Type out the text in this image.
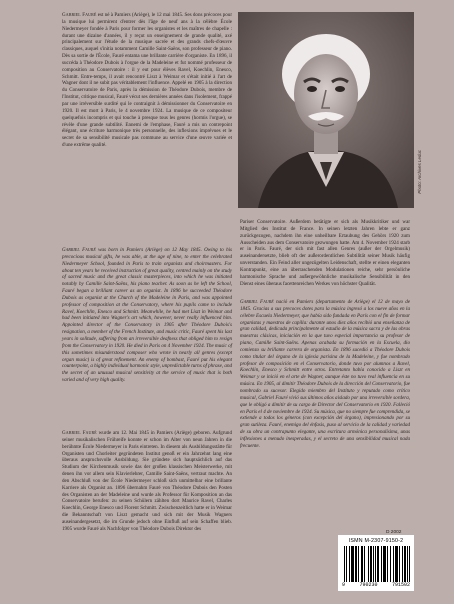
Gabriel Fauré est né à Pamiers (Ariège), le 12 mai 1845. Ses dons précoces pour la musique lui permirent d'entrer dès l'âge de neuf ans à la célèbre École Niedermeyer fondée à Paris pour former les organistes et les maîtres de chapelle : durant une dizaine d'années, il y reçut un enseignement de grande qualité, axé principalement sur l'étude de la musique sacrée et des grands chefs-d'œuvre classiques, auquel s'initia notamment Camille Saint-Saëns, son professeur de piano. Dès sa sortie de l'École, Fauré entama une brillante carrière d'organiste. En 1896, il succéda à Théodore Dubois à l'orgue de la Madeleine et fut nommé professeur de composition au Conservatoire : il y eut pour élèves Ravel, Koechlin, Enesco, Schmitt. Entre-temps, il avait rencontré Liszt à Weimar et s'était initié à l'art de Wagner dont il ne subit pas véritablement l'influence. Appelé en 1905 à la direction du Conservatoire de Paris, après la démission de Théodore Dubois, membre de l'Institut, critique musical, Fauré vécut ses dernières années dans l'isolement, frappé par une irréversible surdité qui le contraignit à démissionner du Conservatoire en 1920. Il est mort à Paris, le 4 novembre 1924. La musique de ce compositeur quelquefois incompris et qui touche à presque tous les genres (hormis l'orgue), se révèle d'une grande subtilité. Ennemi de l'emphase, Fauré a mis un contrepoint élégant, une écriture harmonique très personnelle, des inflexions imprévues et le secret de sa sensibilité musicale pas commune au service d'une œuvre variée et d'une extrême qualité.

Gabriel Fauré was born in Pamiers (Ariège) on 12 May 1845. Owing to his precocious musical gifts, he was able, at the age of nine, to enter the celebrated Niedermeyer School, founded in Paris to train organists and choirmasters. For about ten years he received instruction of great quality, centred mainly on the study of sacred music and the great classic masterpieces, into which he was initiated notably by Camille Saint-Saëns, his piano teacher. As soon as he left the School, Fauré began a brilliant career as an organist. In 1896 he succeeded Théodore Dubois as organist at the Church of the Madeleine in Paris, and was appointed professor of composition at the Conservatory, where his pupils came to include Ravel, Koechlin, Enesco and Schmitt. Meanwhile, he had met Liszt in Weimar and had been initiated into Wagner's art which, however, never really influenced him. Appointed director of the Conservatory in 1905 after Théodore Dubois's resignation, a member of the French Institute, and music critic, Fauré spent his last years in solitude, suffering from an irreversible deafness that obliged him to resign from the Conservatory in 1920. He died in Paris on 4 November 1924. The music of this sometimes misunderstood composer who wrote in nearly all genres (except organ music) is of great refinement. An enemy of bombast, Fauré put his elegant counterpoint, a highly individual harmonic style, unpredictable turns of phrase, and the secret of an unusual musical sensitivity at the service of music that is both varied and of very high quality.

Gabriel Fauré wurde am 12. Mai 1845 in Pamiers (Ariège) geboren. Aufgrund seiner musikalischen Frühreife konnte er schon im Alter von neun Jahren in die berühmte École Niedermeyer in Paris eintreten. In diesem als Ausbildungsstätte für Organisten und Chorleiter gegründeten Institut genoß er ein Jahrzehnt lang eine überaus anspruchsvolle Ausbildung. Sie gründete sich hauptsächlich auf das Studium der Kirchenmusik sowie das der großen klassischen Meisterwerke, mit denen ihn vor allem sein Klavierlehrer, Camille Saint-Saëns, vertraut machte. An den Abschluß von der École Niedermeyer schloß sich unmittelbar eine brillante Karriere als Organist an. 1896 übernahm Fauré von Théodore Dubois den Posten des Organisten an der Madeleine und wurde als Professor für Komposition an das Conservatoire berufen: zu seinen Schülern zählten dort Maurice Ravel, Charles Koechlin, George Enesco und Florent Schmitt. Zwischenzeitlich hatte er in Weimar die Bekanntschaft von Liszt gemacht und sich mit der Musik Wagners auseinandergesetzt, die im Grunde jedoch ohne Einfluß auf sein Schaffen blieb. 1905 wurde Fauré als Nachfolger von Théodore Dubois Direktor des

Photo: Archives Leduc

Pariser Conservatoire. Außerdem betätigte er sich als Musikkritiker und war Mitglied des Institut de France. In seinen letzten Jahren lebte er ganz zurückgezogen, nachdem ihn eine unheilbare Ertaubung des Gehörs 1920 zum Ausscheiden aus dem Conservatoire gezwungen hatte. Am 4. November 1924 starb er in Paris. Fauré, der sich mit fast allen Genres (außer der Orgelmusik) auseinandersetzte, blieb oft der außerordentlichen Subtilität seiner Musik häufig unverstanden. Ein Feind aller ungezügelten Leidenschaft, stellte er einen eleganten Kontrapunkt, eine an überraschenden Modulationen reiche, sehr persönliche harmonische Sprache und außergewöhnliche musikalische Sensibilität in den Dienst eines überaus facettenreichen Werkes von höchster Qualität.

Gabriel Fauré nació en Pamiers (departamento de Ariège) el 12 de mayo de 1845. Gracias a sus precoces dotes para la música ingresó a los nueve años en la célebre Escuela Niedermeyer, que había sido fundada en París con el fin de formar organistas y maestros de capilla: durante unos diez años recibió una enseñanza de gran calidad, dedicada principalmente al estudio de la música sacra y de las obras maestras clásicas, iniciación en la que tuvo especial importancia su profesor de piano, Camille Saint-Saëns. Apenas acabada su formación en la Escuela, dio comienzo su brillante carrera de organista. En 1896 sucedió a Théodore Dubois como titular del órgano de la iglesia parisina de la Madeleine, y fue nombrado profesor de composición en el Conservatorio, donde tuvo por alumnos a Ravel, Koechlin, Enesco y Schmitt entre otros. Entretanto había conocido a Liszt en Weimar y se inició en el arte de Wagner, aunque éste no tuvo real influencia en su música. En 1905, al dimitir Théodore Dubois de la dirección del Conservatorio, fue nombrado su sucesor. Elegido miembro del Instituto y reputado como crítico musical, Gabriel Fauré vivió sus últimos años aislado por una irreversible sordera, que le obligó a dimitir de su cargo de Director del Conservatorio en 1920. Falleció en París el 4 de noviembre de 1924. Su música, que no siempre fue comprendida, se extiende a todos los géneros (con excepción del órgano), impresionando por su gran sutileza. Fauré, enemigo del énfasis, puso al servicio de la calidad y variedad de su obra un contrapunto elegante, una escritura armónica personalísima, unas inflexiones a menudo inesperadas, y el secreto de una sensibilidad musical nada frecuente.

D 2002
ISMN M-2307-9150-2
9	790230	791502
